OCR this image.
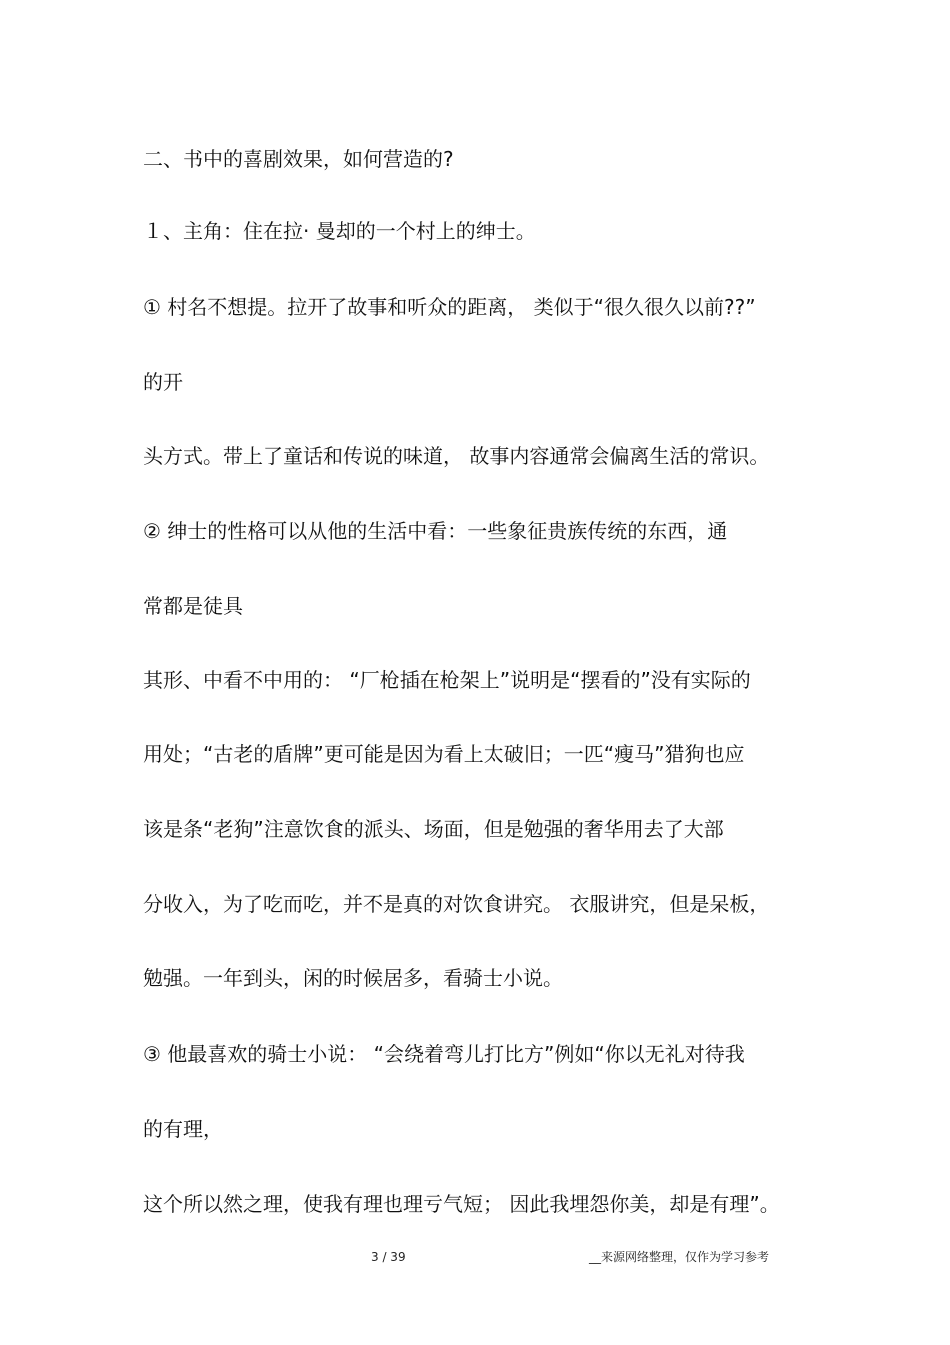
二、书中的喜剧效果，如何营造的?
１、主角：住在拉· 曼却的一个村上的绅士。
① 村名不想提。拉开了故事和听众的距离， 类似于“很久很久以前??”
的开
头方式。带上了童话和传说的味道， 故事内容通常会偏离生活的常识。
② 绅士的性格可以从他的生活中看：一些象征贵族传统的东西，通
常都是徒具
其形、中看不中用的： “厂枪插在枪架上”说明是“摆看的”没有实际的
用处；“古老的盾牌”更可能是因为看上太破旧；一匹“瘦马”猎狗也应
该是条“老狗”注意饮食的派头、场面，但是勉强的奢华用去了大部
分收入，为了吃而吃，并不是真的对饮食讲究。 衣服讲究，但是呆板，
勉强。一年到头，闲的时候居多，看骑士小说。
③ 他最喜欢的骑士小说： “会绕着弯儿打比方”例如“你以无礼对待我
的有理，
这个所以然之理，使我有理也理亏气短； 因此我埋怨你美，却是有理”。
3 / 39	__来源网络整理，仅作为学习参考
